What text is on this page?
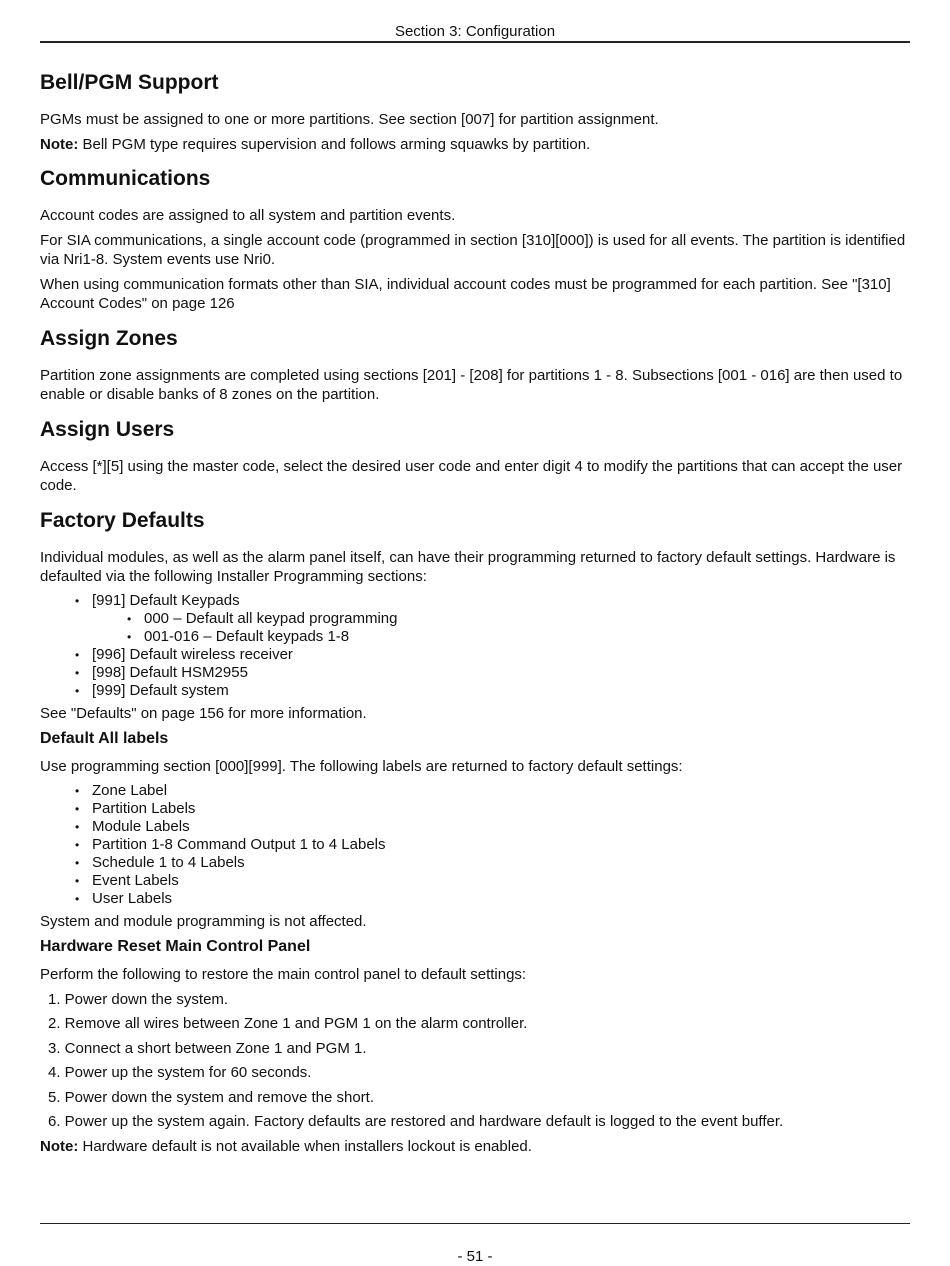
Section 3: Configuration
Bell/PGM Support

PGMs must be assigned to one or more partitions. See section [007] for partition assignment.

Note: Bell PGM type requires supervision and follows arming squawks by partition.

Communications

Account codes are assigned to all system and partition events.

For SIA communications, a single account code (programmed in section [310][000]) is used for all events. The partition is identified via Nri1-8. System events use Nri0.

When using communication formats other than SIA, individual account codes must be programmed for each partition. See "[310] Account Codes" on page 126

Assign Zones

Partition zone assignments are completed using sections [201] - [208] for partitions 1 - 8. Subsections [001 - 016] are then used to enable or disable banks of 8 zones on the partition.

Assign Users

Access [*][5] using the master code, select the desired user code and enter digit 4 to modify the partitions that can accept the user code.

Factory Defaults

Individual modules, as well as the alarm panel itself, can have their programming returned to factory default settings. Hardware is defaulted via the following Installer Programming sections:

• [991] Default Keypads
• 000 – Default all keypad programming
• 001-016 – Default keypads 1-8
• [996] Default wireless receiver
• [998] Default HSM2955
• [999] Default system

See "Defaults" on page 156 for more information.

Default All labels

Use programming section [000][999]. The following labels are returned to factory default settings:

• Zone Label
• Partition Labels
• Module Labels
• Partition 1-8 Command Output 1 to 4 Labels
• Schedule 1 to 4 Labels
• Event Labels
• User Labels

System and module programming is not affected.

Hardware Reset Main Control Panel

Perform the following to restore the main control panel to default settings:

1. Power down the system.
2. Remove all wires between Zone 1 and PGM 1 on the alarm controller.
3. Connect a short between Zone 1 and PGM 1.
4. Power up the system for 60 seconds.
5. Power down the system and remove the short.
6. Power up the system again. Factory defaults are restored and hardware default is logged to the event buffer.

Note: Hardware default is not available when installers lockout is enabled.

- 51 -
